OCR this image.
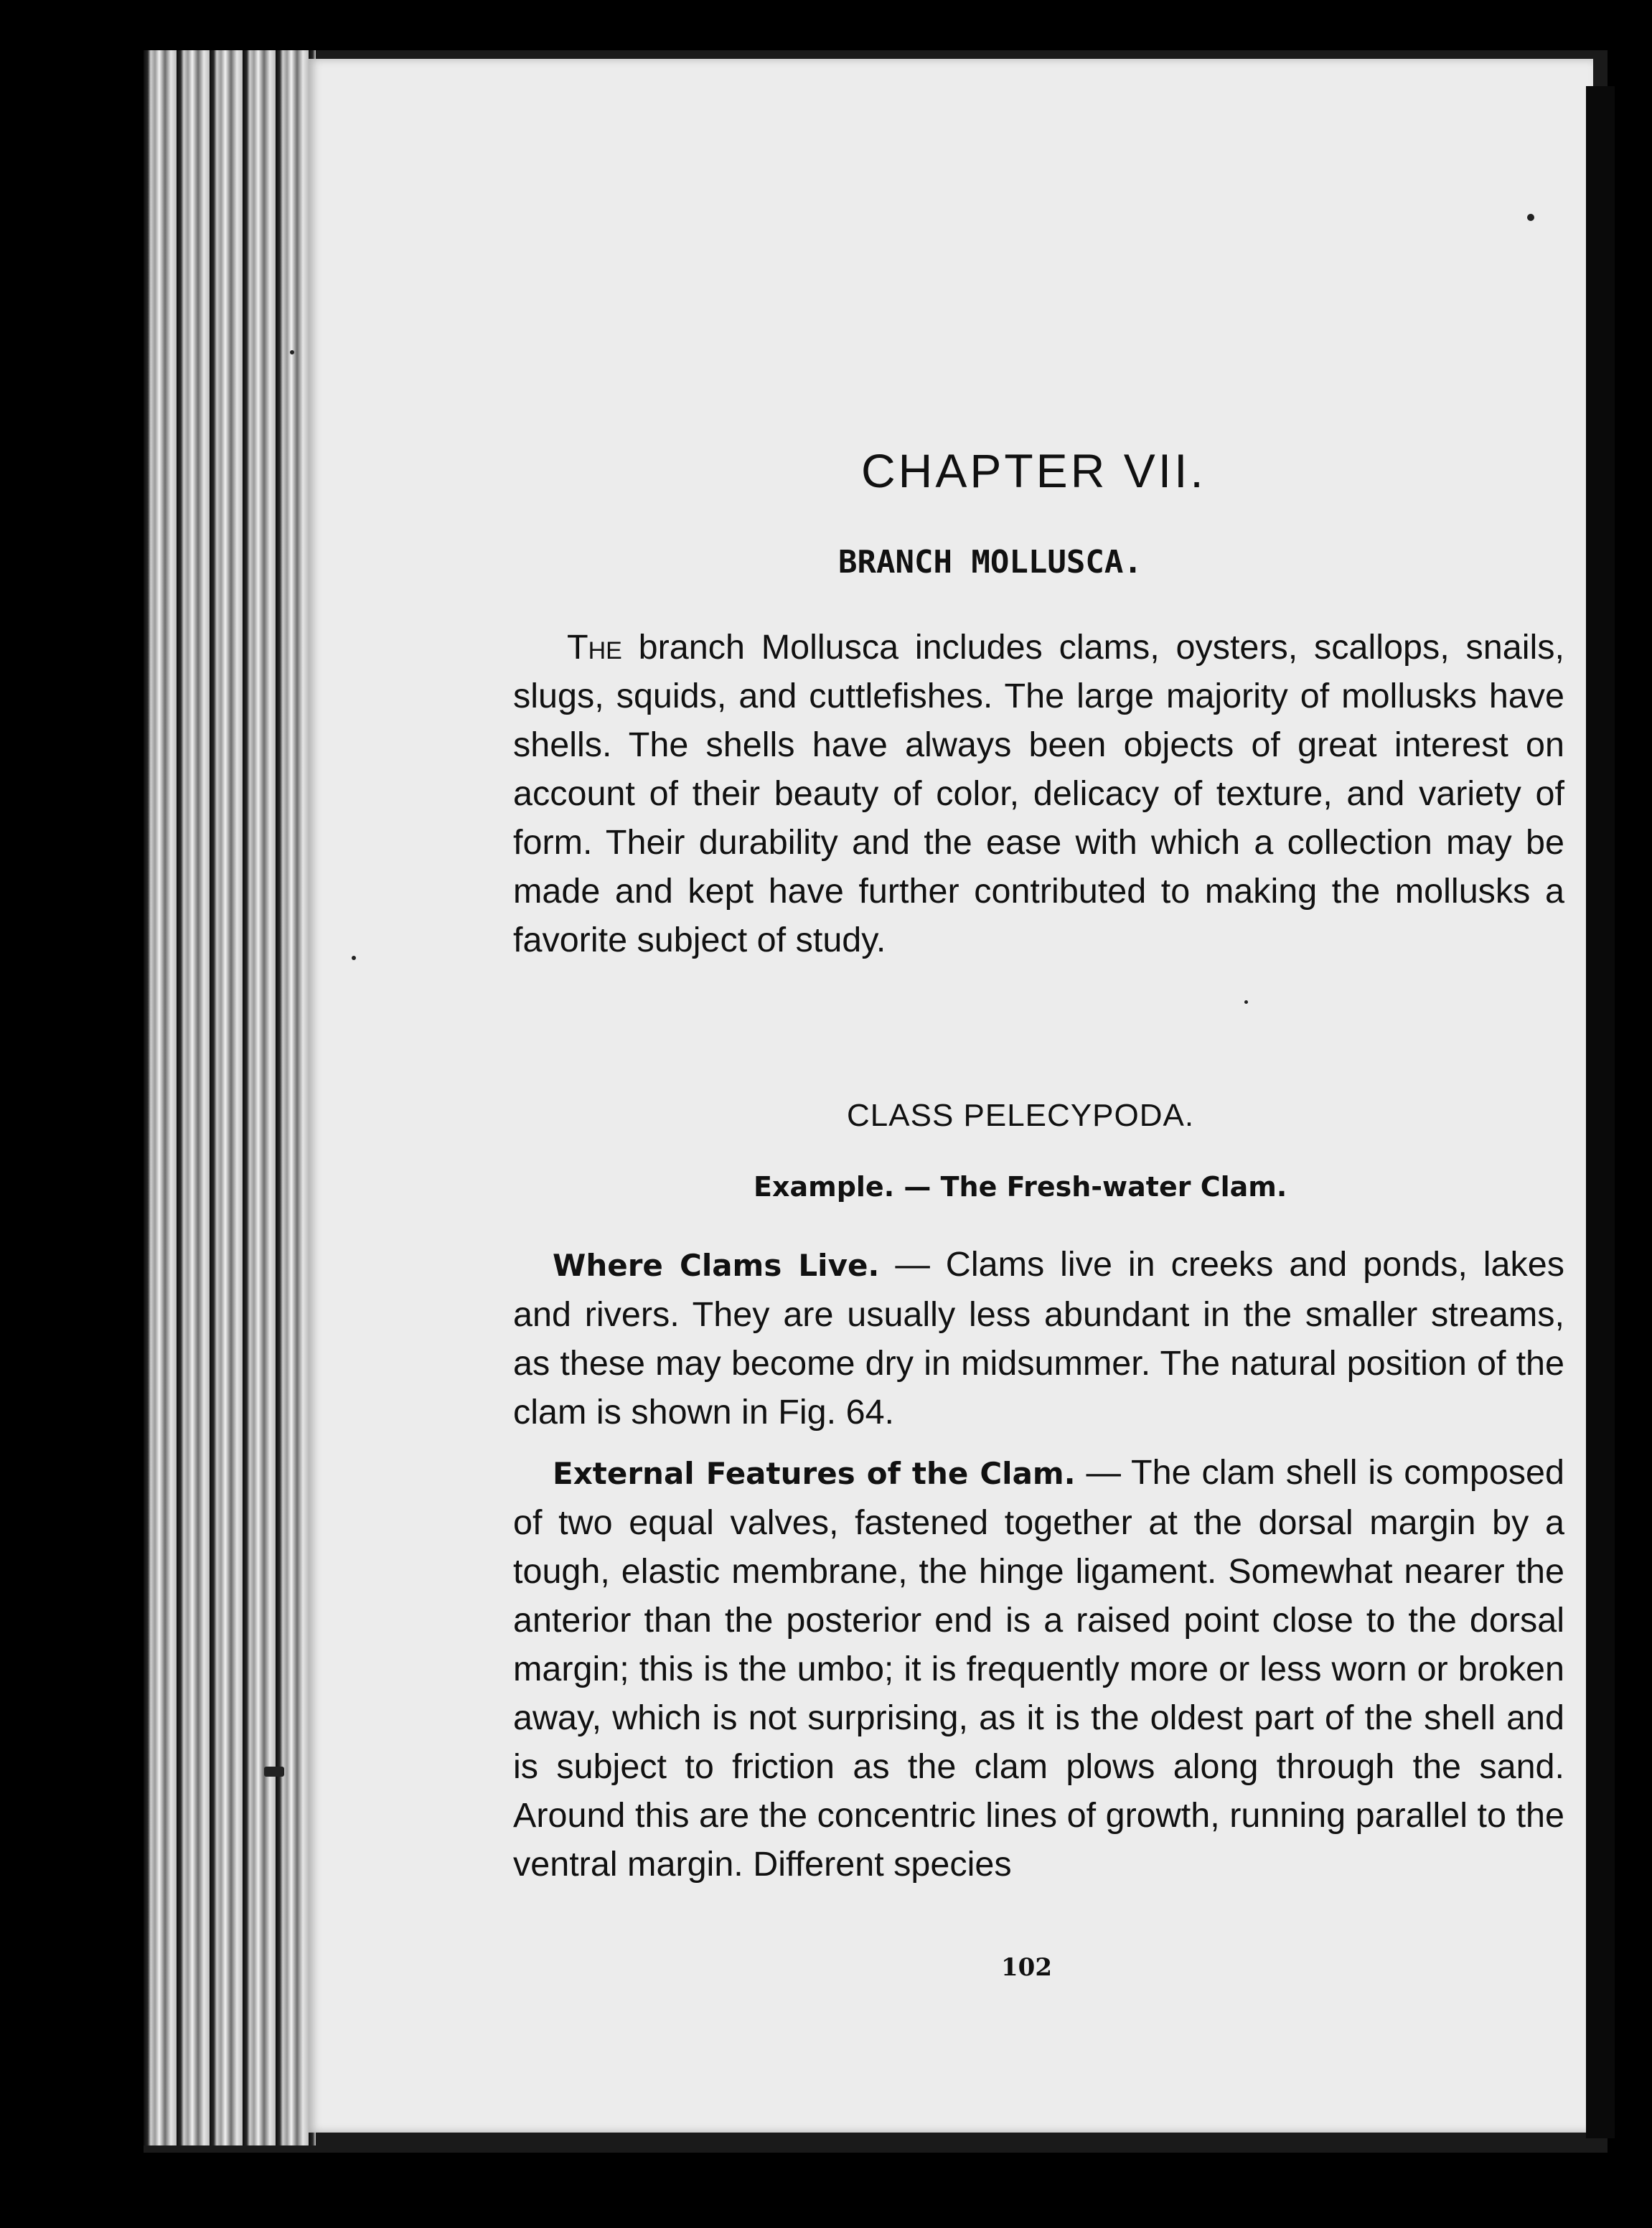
CHAPTER VII.
BRANCH MOLLUSCA.
The branch Mollusca includes clams, oysters, scallops, snails, slugs, squids, and cuttlefishes. The large majority of mollusks have shells. The shells have always been objects of great interest on account of their beauty of color, delicacy of texture, and variety of form. Their durability and the ease with which a collection may be made and kept have further contributed to making the mollusks a favorite subject of study.
CLASS PELECYPODA.
Example. — The Fresh-water Clam.
Where Clams Live. — Clams live in creeks and ponds, lakes and rivers. They are usually less abundant in the smaller streams, as these may become dry in midsummer. The natural position of the clam is shown in Fig. 64.
External Features of the Clam. — The clam shell is composed of two equal valves, fastened together at the dorsal margin by a tough, elastic membrane, the hinge ligament. Somewhat nearer the anterior than the posterior end is a raised point close to the dorsal margin; this is the umbo; it is frequently more or less worn or broken away, which is not surprising, as it is the oldest part of the shell and is subject to friction as the clam plows along through the sand. Around this are the concentric lines of growth, running parallel to the ventral margin. Different species
102
